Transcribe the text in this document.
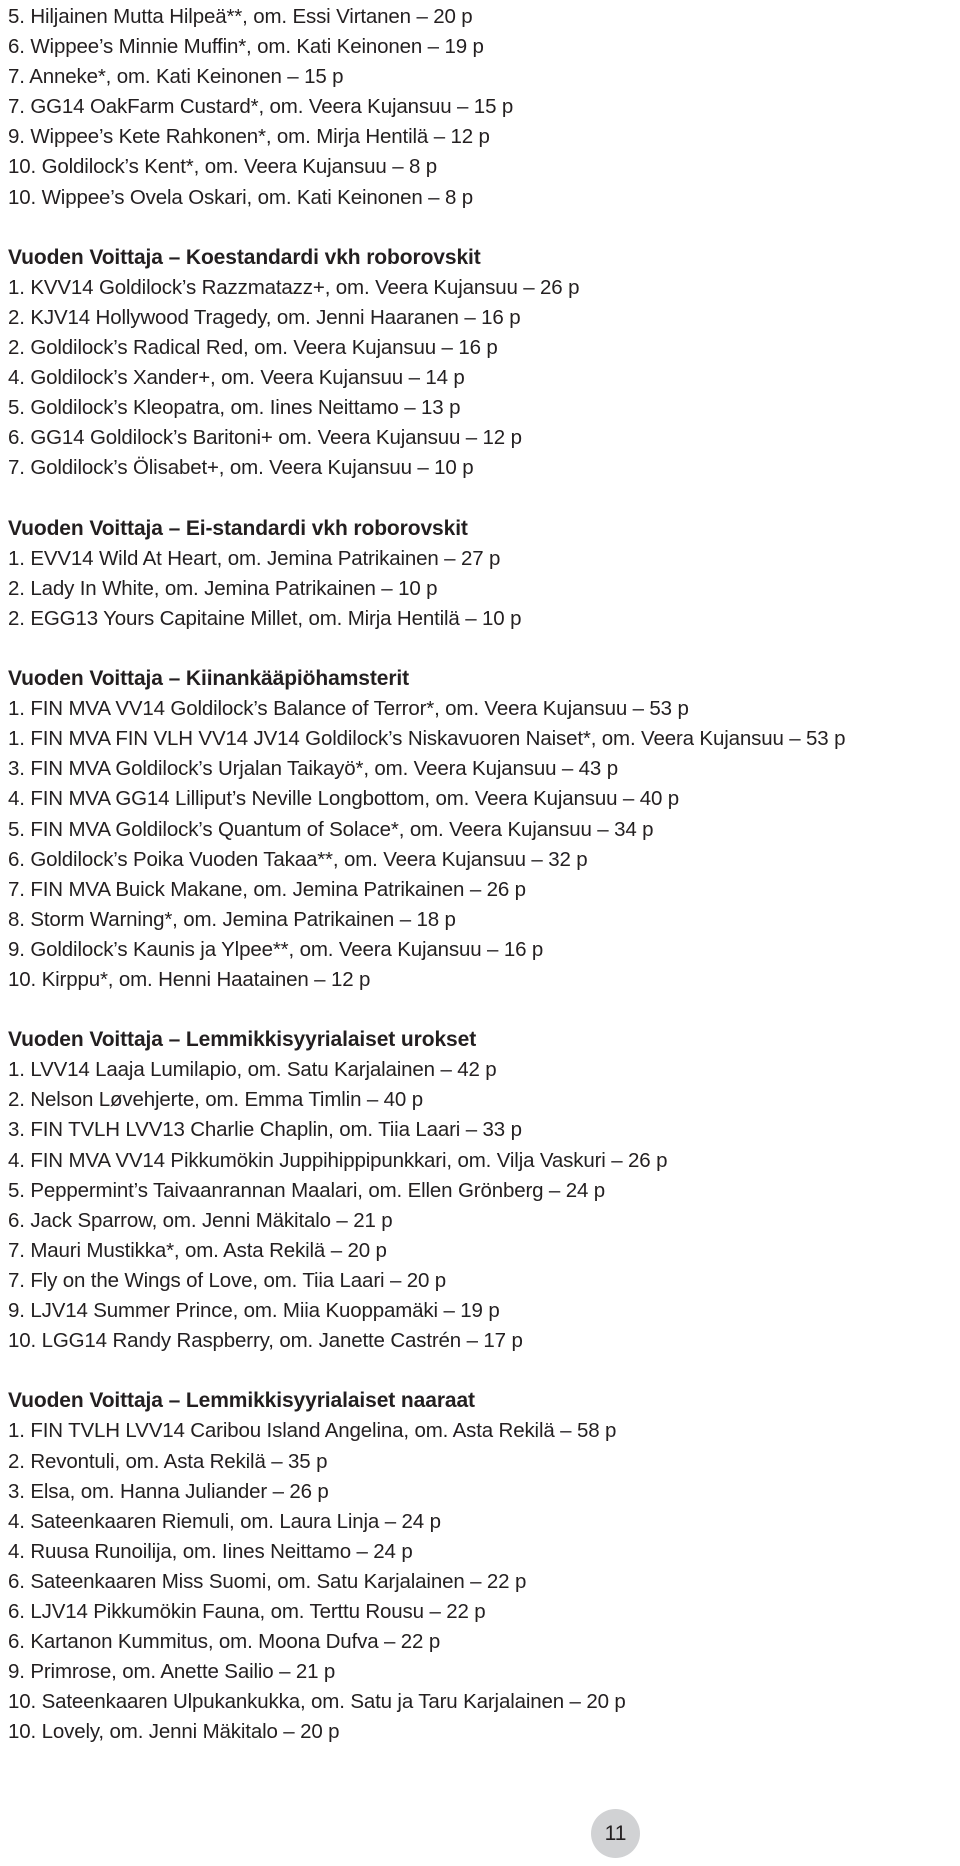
5. Hiljainen Mutta Hilpeä**, om. Essi Virtanen – 20 p
6. Wippee’s Minnie Muffin*, om. Kati Keinonen – 19 p
7. Anneke*, om. Kati Keinonen – 15 p
7. GG14 OakFarm Custard*, om. Veera Kujansuu – 15 p
9. Wippee’s Kete Rahkonen*, om. Mirja Hentilä – 12 p
10. Goldilock’s Kent*, om. Veera Kujansuu – 8 p
10. Wippee’s Ovela Oskari, om. Kati Keinonen – 8 p
Vuoden Voittaja – Koestandardi vkh roborovskit
1. KVV14 Goldilock’s Razzmatazz+, om. Veera Kujansuu – 26 p
2. KJV14 Hollywood Tragedy, om. Jenni Haaranen – 16 p
2. Goldilock’s Radical Red, om. Veera Kujansuu – 16 p
4. Goldilock’s Xander+, om. Veera Kujansuu – 14 p
5. Goldilock’s Kleopatra, om. Iines Neittamo – 13 p
6. GG14 Goldilock’s Baritoni+ om. Veera Kujansuu – 12 p
7. Goldilock’s Ölisabet+, om. Veera Kujansuu – 10 p
Vuoden Voittaja – Ei-standardi vkh roborovskit
1. EVV14 Wild At Heart, om. Jemina Patrikainen – 27 p
2. Lady In White, om. Jemina Patrikainen – 10 p
2. EGG13 Yours Capitaine Millet, om. Mirja Hentilä – 10 p
Vuoden Voittaja – Kiinankääpiöhamsterit
1. FIN MVA VV14 Goldilock’s Balance of Terror*, om. Veera Kujansuu – 53 p
1. FIN MVA FIN VLH VV14 JV14 Goldilock’s Niskavuoren Naiset*, om. Veera Kujansuu – 53 p
3. FIN MVA Goldilock’s Urjalan Taikayö*, om. Veera Kujansuu – 43 p
4. FIN MVA GG14 Lilliput’s Neville Longbottom, om. Veera Kujansuu – 40 p
5. FIN MVA Goldilock’s Quantum of Solace*, om. Veera Kujansuu – 34 p
6. Goldilock’s Poika Vuoden Takaa**, om. Veera Kujansuu – 32 p
7. FIN MVA Buick Makane, om. Jemina Patrikainen – 26 p
8. Storm Warning*, om. Jemina Patrikainen – 18 p
9. Goldilock’s Kaunis ja Ylpee**, om. Veera Kujansuu – 16 p
10. Kirppu*, om. Henni Haatainen – 12 p
Vuoden Voittaja – Lemmikkisyyrialaiset urokset
1. LVV14 Laaja Lumilapio, om. Satu Karjalainen – 42 p
2. Nelson Løvehjerte, om. Emma Timlin – 40 p
3. FIN TVLH LVV13 Charlie Chaplin, om. Tiia Laari – 33 p
4. FIN MVA VV14 Pikkumökin Juppihippipunkkari, om. Vilja Vaskuri – 26 p
5. Peppermint’s Taivaanrannan Maalari, om. Ellen Grönberg – 24 p
6. Jack Sparrow, om. Jenni Mäkitalo – 21 p
7. Mauri Mustikka*, om. Asta Rekilä – 20 p
7. Fly on the Wings of Love, om. Tiia Laari – 20 p
9. LJV14 Summer Prince, om. Miia Kuoppamäki – 19 p
10. LGG14 Randy Raspberry, om. Janette Castrén – 17 p
Vuoden Voittaja – Lemmikkisyyrialaiset naaraat
1. FIN TVLH LVV14 Caribou Island Angelina, om. Asta Rekilä – 58 p
2. Revontuli, om. Asta Rekilä – 35 p
3. Elsa, om. Hanna Juliander – 26 p
4. Sateenkaaren Riemuli, om. Laura Linja – 24 p
4. Ruusa Runoilija, om. Iines Neittamo – 24 p
6. Sateenkaaren Miss Suomi, om. Satu Karjalainen – 22 p
6. LJV14 Pikkumökin Fauna, om. Terttu Rousu – 22 p
6. Kartanon Kummitus, om. Moona Dufva – 22 p
9. Primrose, om. Anette Sailio – 21 p
10. Sateenkaaren Ulpukankukka, om. Satu ja Taru Karjalainen – 20 p
10. Lovely, om. Jenni Mäkitalo – 20 p
11
